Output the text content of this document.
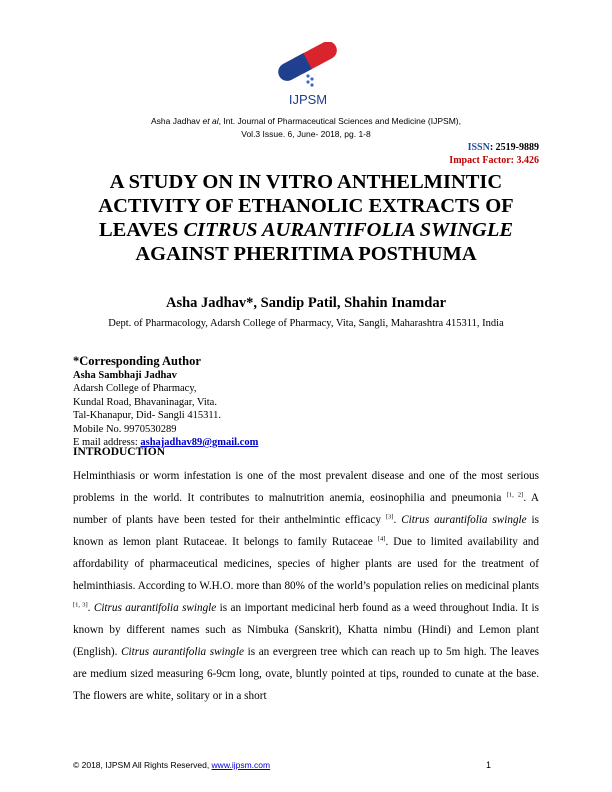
IJPSM
Asha Jadhav et al, Int. Journal of Pharmaceutical Sciences and Medicine (IJPSM),
Vol.3 Issue. 6, June- 2018, pg. 1-8
ISSN: 2519-9889
Impact Factor: 3.426
A STUDY ON IN VITRO ANTHELMINTIC
ACTIVITY OF ETHANOLIC EXTRACTS OF
LEAVES CITRUS AURANTIFOLIA SWINGLE
AGAINST PHERITIMA POSTHUMA
Asha Jadhav*, Sandip Patil, Shahin Inamdar
Dept. of Pharmacology, Adarsh College of Pharmacy, Vita, Sangli, Maharashtra 415311, India
*Corresponding Author
Asha Sambhaji Jadhav
Adarsh College of Pharmacy,
Kundal Road, Bhavaninagar, Vita.
Tal-Khanapur, Did- Sangli 415311.
Mobile No. 9970530289
E mail address: ashajadhav89@gmail.com
INTRODUCTION
Helminthiasis or worm infestation is one of the most prevalent disease and one of the most serious problems in the world. It contributes to malnutrition anemia, eosinophilia and pneumonia [1, 2]. A number of plants have been tested for their anthelmintic efficacy [3]. Citrus aurantifolia swingle is known as lemon plant Rutaceae. It belongs to family Rutaceae [4]. Due to limited availability and affordability of pharmaceutical medicines, species of higher plants are used for the treatment of helminthiasis. According to W.H.O. more than 80% of the world’s population relies on medicinal plants [1, 3]. Citrus aurantifolia swingle is an important medicinal herb found as a weed throughout India. It is known by different names such as Nimbuka (Sanskrit), Khatta nimbu (Hindi) and Lemon plant (English). Citrus aurantifolia swingle is an evergreen tree which can reach up to 5m high. The leaves are medium sized measuring 6-9cm long, ovate, bluntly pointed at tips, rounded to cunate at the base. The flowers are white, solitary or in a short
© 2018, IJPSM All Rights Reserved, www.ijpsm.com	1
